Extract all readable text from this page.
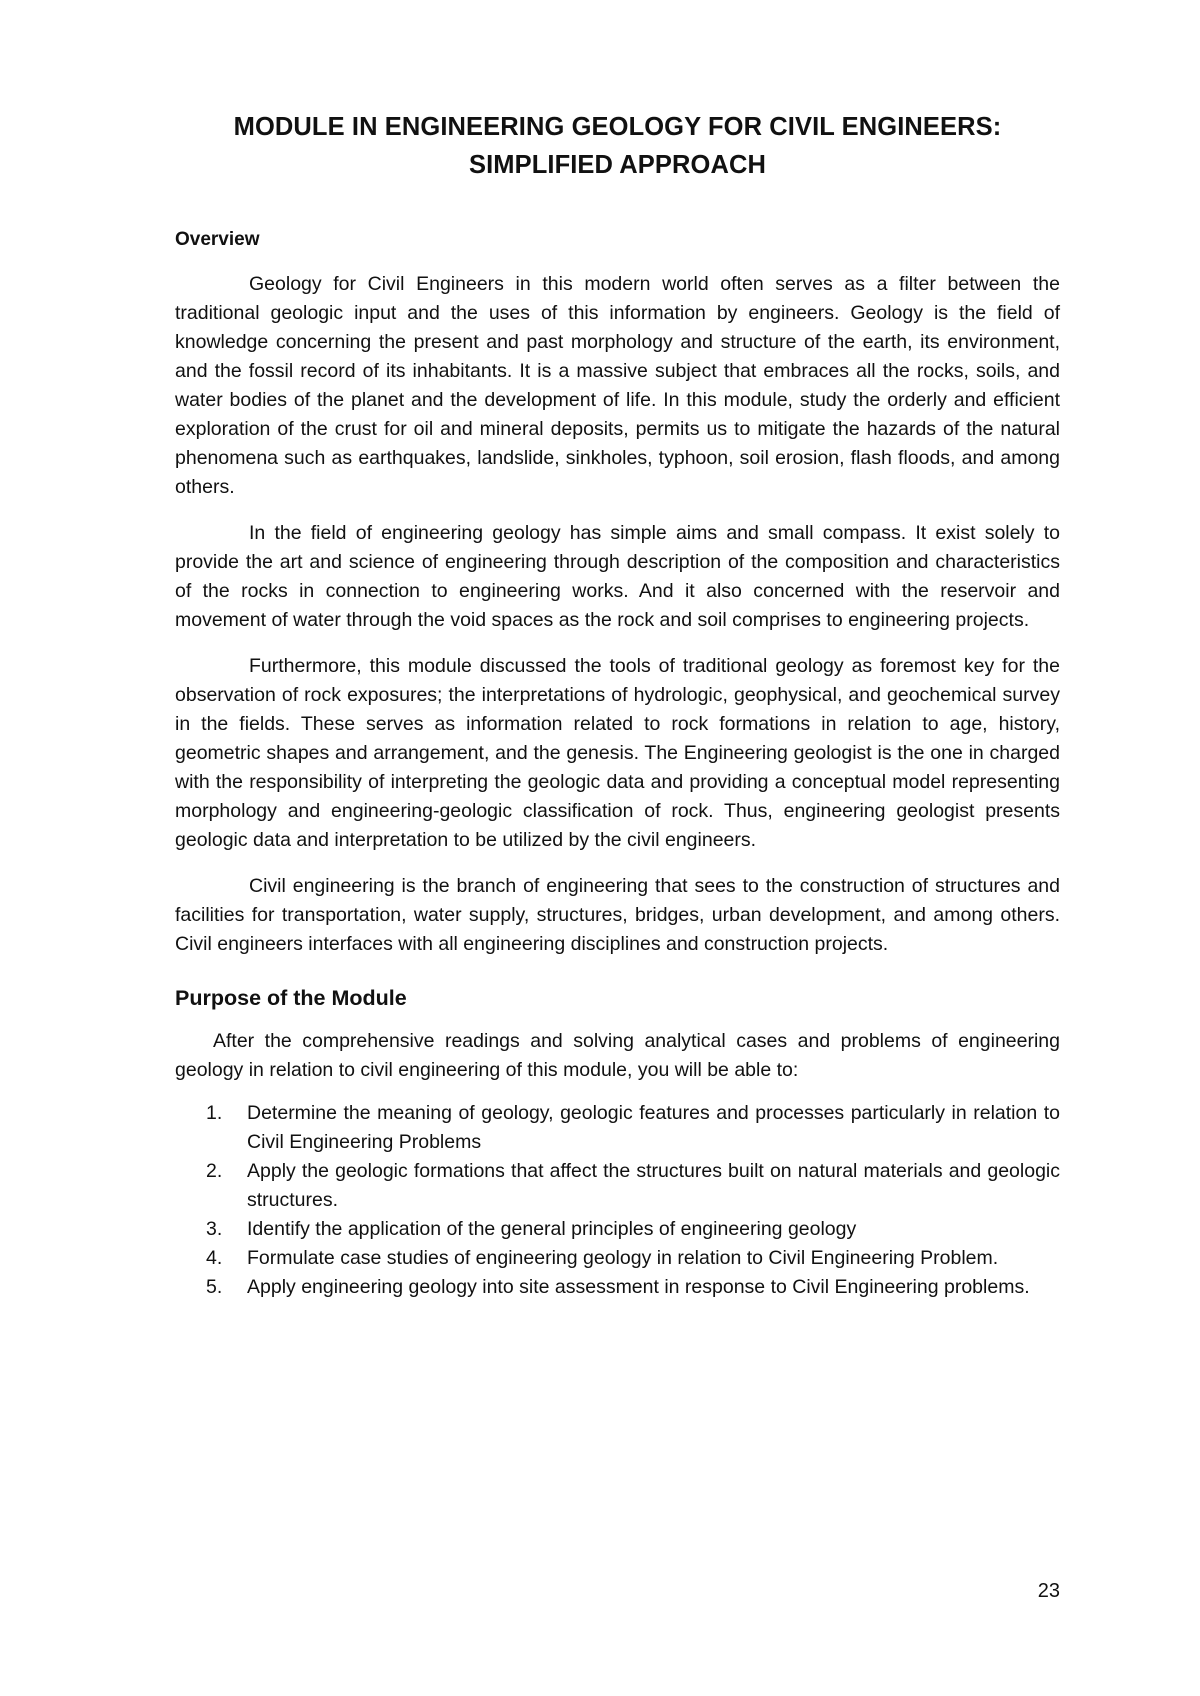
MODULE IN ENGINEERING GEOLOGY FOR CIVIL ENGINEERS:
SIMPLIFIED APPROACH
Overview

Geology for Civil Engineers in this modern world often serves as a filter between the traditional geologic input and the uses of this information by engineers. Geology is the field of knowledge concerning the present and past morphology and structure of the earth, its environment, and the fossil record of its inhabitants. It is a massive subject that embraces all the rocks, soils, and water bodies of the planet and the development of life. In this module, study the orderly and efficient exploration of the crust for oil and mineral deposits, permits us to mitigate the hazards of the natural phenomena such as earthquakes, landslide, sinkholes, typhoon, soil erosion, flash floods, and among others.

In the field of engineering geology has simple aims and small compass. It exist solely to provide the art and science of engineering through description of the composition and characteristics of the rocks in connection to engineering works. And it also concerned with the reservoir and movement of water through the void spaces as the rock and soil comprises to engineering projects.

Furthermore, this module discussed the tools of traditional geology as foremost key for the observation of rock exposures; the interpretations of hydrologic, geophysical, and geochemical survey in the fields. These serves as information related to rock formations in relation to age, history, geometric shapes and arrangement, and the genesis. The Engineering geologist is the one in charged with the responsibility of interpreting the geologic data and providing a conceptual model representing morphology and engineering-geologic classification of rock. Thus, engineering geologist presents geologic data and interpretation to be utilized by the civil engineers.

Civil engineering is the branch of engineering that sees to the construction of structures and facilities for transportation, water supply, structures, bridges, urban development, and among others. Civil engineers interfaces with all engineering disciplines and construction projects.

Purpose of the Module

After the comprehensive readings and solving analytical cases and problems of engineering geology in relation to civil engineering of this module, you will be able to:

1. Determine the meaning of geology, geologic features and processes particularly in relation to Civil Engineering Problems
2. Apply the geologic formations that affect the structures built on natural materials and geologic structures.
3. Identify the application of the general principles of engineering geology
4. Formulate case studies of engineering geology in relation to Civil Engineering Problem.
5. Apply engineering geology into site assessment in response to Civil Engineering problems.
23
